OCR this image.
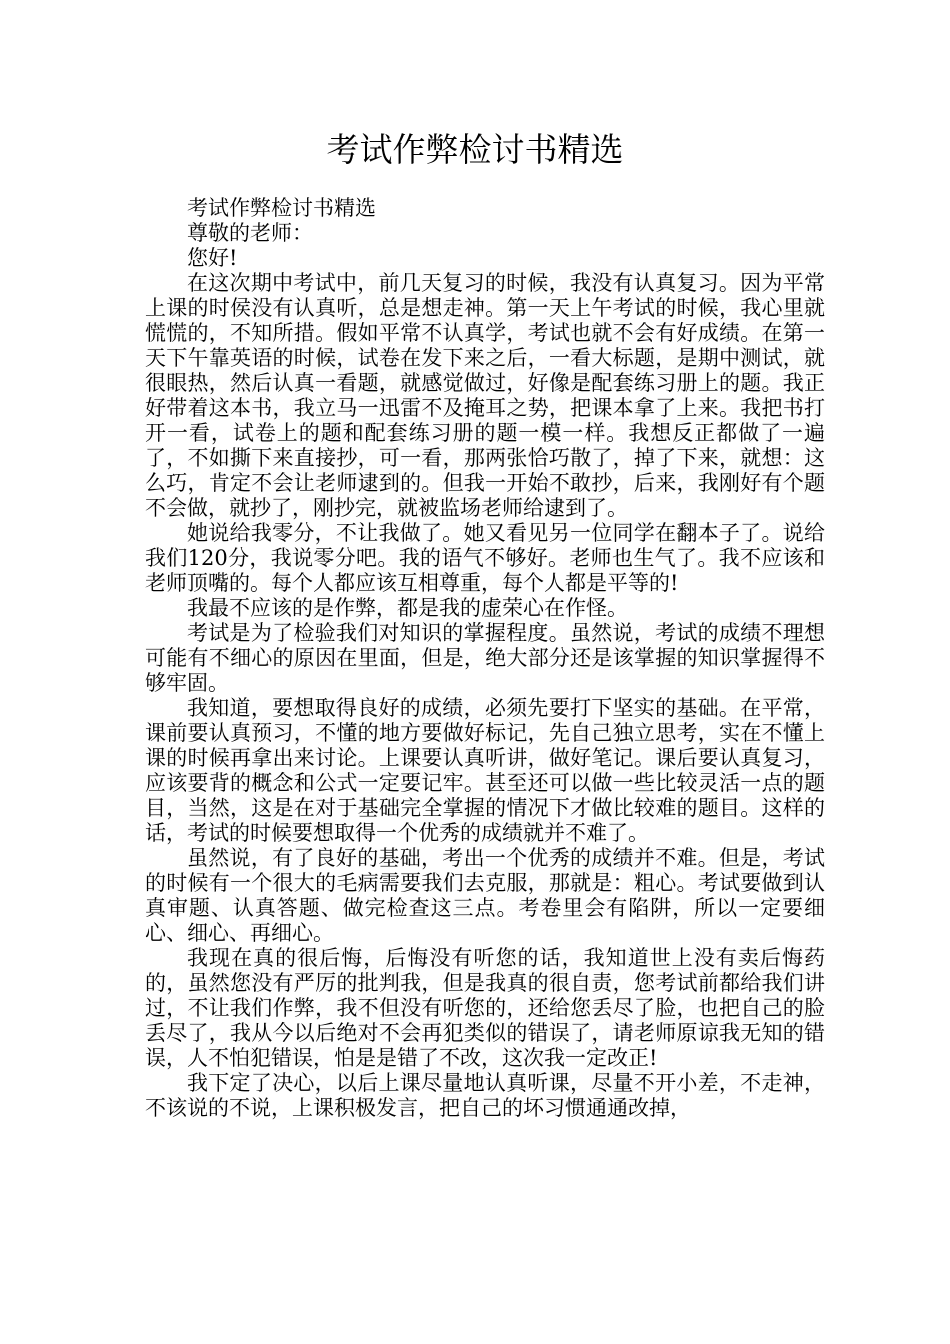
考试作弊检讨书精选

考试作弊检讨书精选

尊敬的老师：

您好!

在这次期中考试中，前几天复习的时候，我没有认真复习。因为平常上课的时侯没有认真听，总是想走神。第一天上午考试的时候，我心里就慌慌的，不知所措。假如平常不认真学，考试也就不会有好成绩。在第一天下午靠英语的时候，试卷在发下来之后，一看大标题，是期中测试，就很眼热，然后认真一看题，就感觉做过，好像是配套练习册上的题。我正好带着这本书，我立马一迅雷不及掩耳之势，把课本拿了上来。我把书打开一看，试卷上的题和配套练习册的题一模一样。我想反正都做了一遍了，不如撕下来直接抄，可一看，那两张恰巧散了，掉了下来，就想：这么巧，肯定不会让老师逮到的。但我一开始不敢抄，后来，我刚好有个题不会做，就抄了，刚抄完，就被监场老师给逮到了。

她说给我零分，不让我做了。她又看见另一位同学在翻本子了。说给我们120分，我说零分吧。我的语气不够好。老师也生气了。我不应该和老师顶嘴的。每个人都应该互相尊重，每个人都是平等的!

我最不应该的是作弊，都是我的虚荣心在作怪。

考试是为了检验我们对知识的掌握程度。虽然说，考试的成绩不理想可能有不细心的原因在里面，但是，绝大部分还是该掌握的知识掌握得不够牢固。

我知道，要想取得良好的成绩，必须先要打下坚实的基础。在平常，课前要认真预习，不懂的地方要做好标记，先自己独立思考，实在不懂上课的时候再拿出来讨论。上课要认真听讲，做好笔记。课后要认真复习，应该要背的概念和公式一定要记牢。甚至还可以做一些比较灵活一点的题目，当然，这是在对于基础完全掌握的情况下才做比较难的题目。这样的话，考试的时候要想取得一个优秀的成绩就并不难了。

虽然说，有了良好的基础，考出一个优秀的成绩并不难。但是，考试的时候有一个很大的毛病需要我们去克服，那就是：粗心。考试要做到认真审题、认真答题、做完检查这三点。考卷里会有陷阱，所以一定要细心、细心、再细心。

我现在真的很后悔，后悔没有听您的话，我知道世上没有卖后悔药的，虽然您没有严厉的批判我，但是我真的很自责，您考试前都给我们讲过，不让我们作弊，我不但没有听您的，还给您丢尽了脸，也把自己的脸丢尽了，我从今以后绝对不会再犯类似的错误了，请老师原谅我无知的错误，人不怕犯错误，怕是是错了不改，这次我一定改正!

我下定了决心，以后上课尽量地认真听课，尽量不开小差，不走神，不该说的不说，上课积极发言，把自己的坏习惯通通改掉，
